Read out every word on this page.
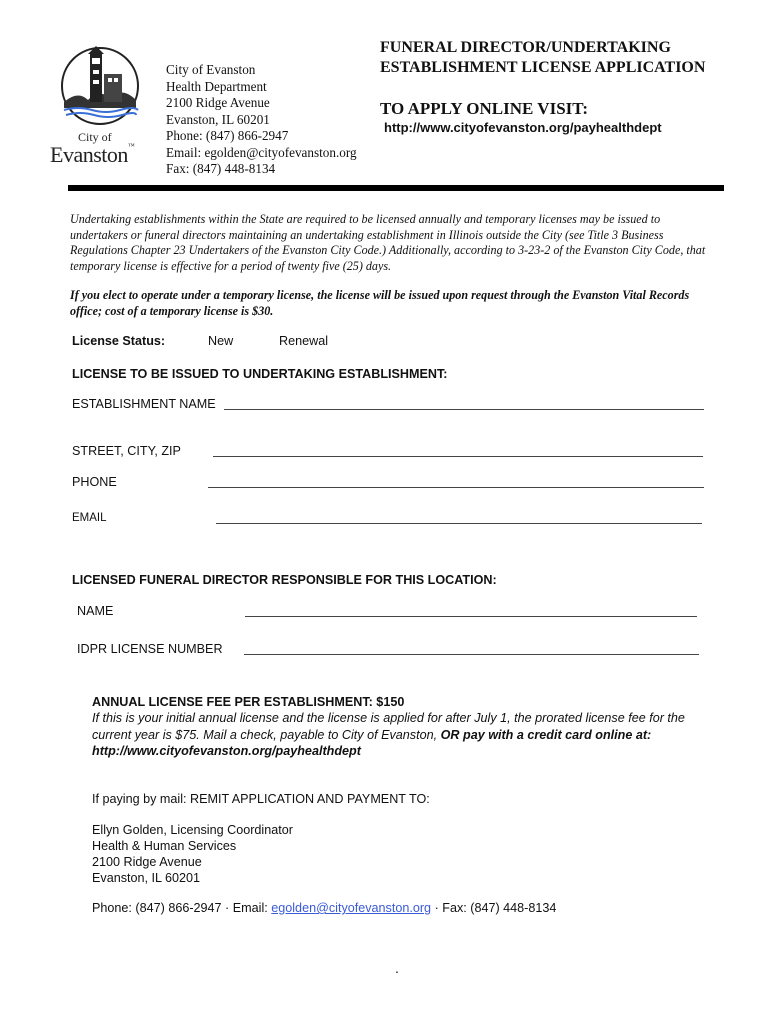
City of
Evanston™
City of Evanston
Health Department
2100 Ridge Avenue
Evanston, IL 60201
Phone: (847) 866-2947
Email: egolden@cityofevanston.org
Fax: (847) 448-8134
FUNERAL DIRECTOR/UNDERTAKING
ESTABLISHMENT LICENSE APPLICATION
TO APPLY ONLINE VISIT:
http://www.cityofevanston.org/payhealthdept
Undertaking establishments within the State are required to be licensed annually and temporary licenses may be issued to undertakers or funeral directors maintaining an undertaking establishment in Illinois outside the City (see Title 3 Business Regulations Chapter 23 Undertakers of the Evanston City Code.) Additionally, according to 3-23-2 of the Evanston City Code, that temporary license is effective for a period of twenty five (25) days.
If you elect to operate under a temporary license, the license will be issued upon request through the Evanston Vital Records office; cost of a temporary license is $30.
License Status:	New	Renewal
LICENSE TO BE ISSUED TO UNDERTAKING ESTABLISHMENT:
ESTABLISHMENT NAME
STREET, CITY, ZIP
PHONE
EMAIL
LICENSED FUNERAL DIRECTOR RESPONSIBLE FOR THIS LOCATION:
NAME
IDPR LICENSE NUMBER
ANNUAL LICENSE FEE PER ESTABLISHMENT: $150
If this is your initial annual license and the license is applied for after July 1, the prorated license fee for the current year is $75. Mail a check, payable to City of Evanston, OR pay with a credit card online at: http://www.cityofevanston.org/payhealthdept
If paying by mail: REMIT APPLICATION AND PAYMENT TO:
Ellyn Golden, Licensing Coordinator
Health & Human Services
2100 Ridge Avenue
Evanston, IL 60201
Phone: (847) 866-2947 · Email: egolden@cityofevanston.org · Fax: (847) 448-8134
.
